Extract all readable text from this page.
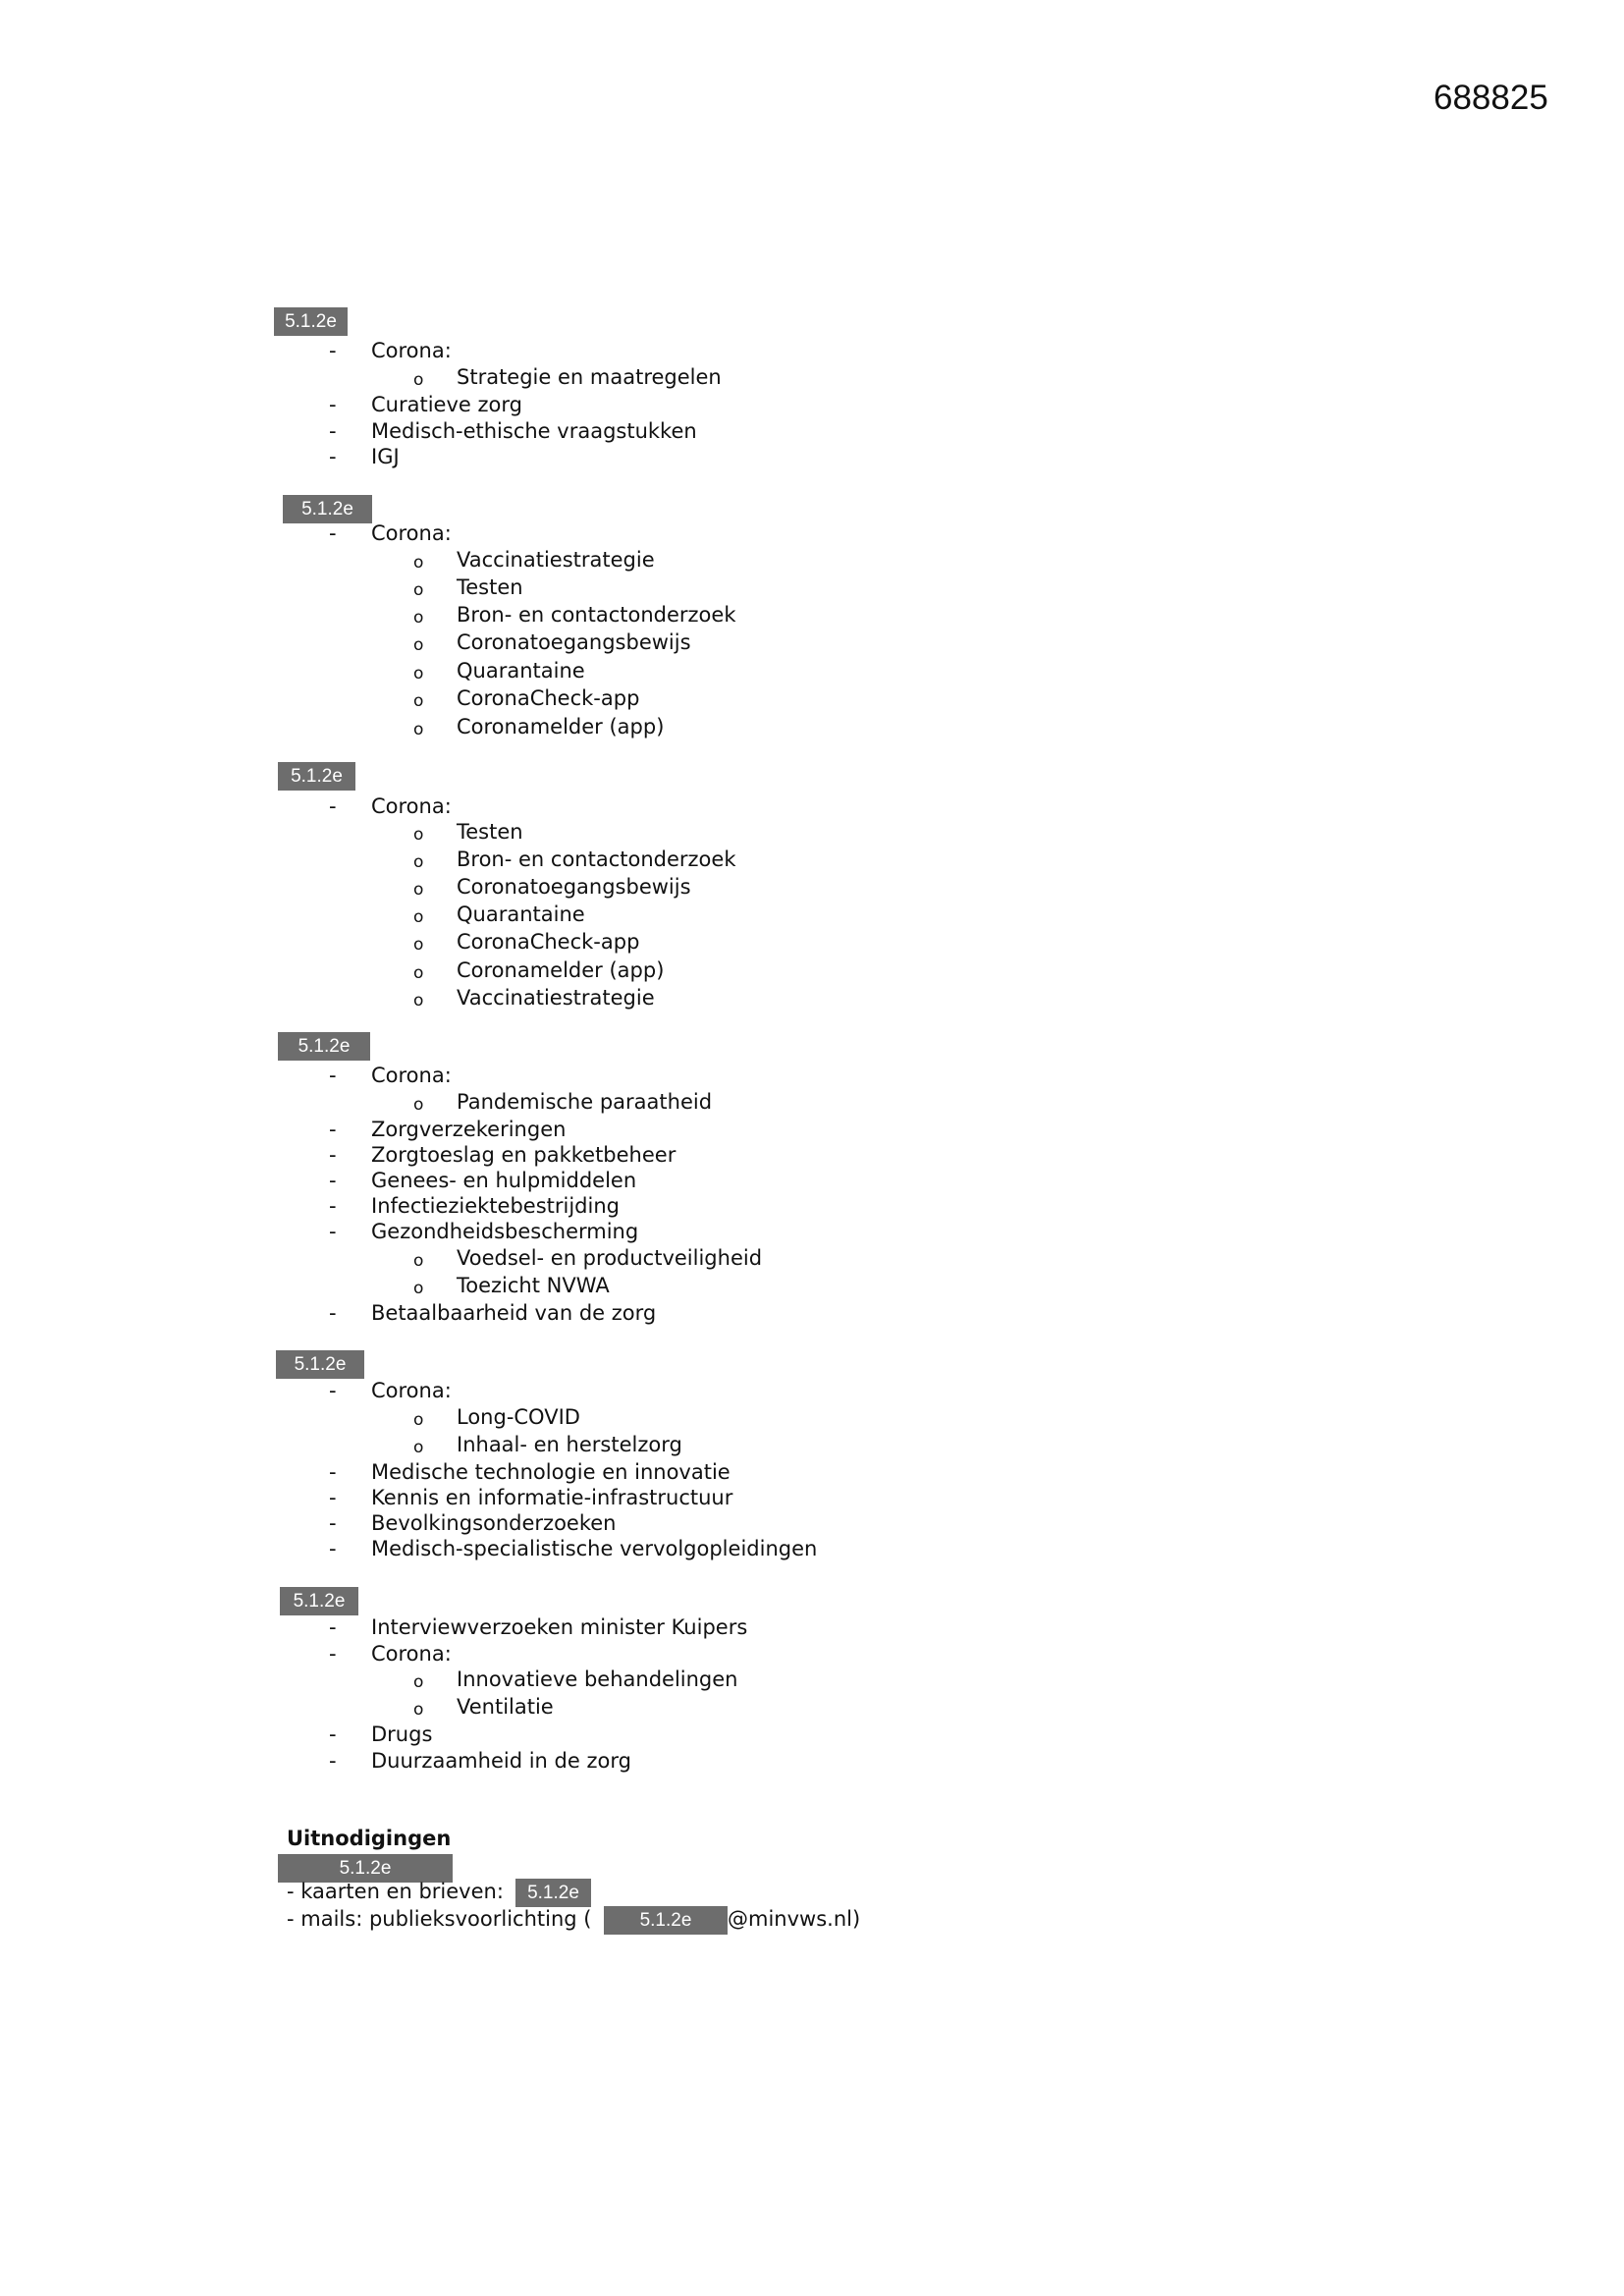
688825
5.1.2e
- Corona:
o Strategie en maatregelen
- Curatieve zorg
- Medisch-ethische vraagstukken
- IGJ
5.1.2e
- Corona:
o Vaccinatiestrategie
o Testen
o Bron- en contactonderzoek
o Coronatoegangsbewijs
o Quarantaine
o CoronaCheck-app
o Coronamelder (app)
5.1.2e
- Corona:
o Testen
o Bron- en contactonderzoek
o Coronatoegangsbewijs
o Quarantaine
o CoronaCheck-app
o Coronamelder (app)
o Vaccinatiestrategie
5.1.2e
- Corona:
o Pandemische paraatheid
- Zorgverzekeringen
- Zorgtoeslag en pakketbeheer
- Genees- en hulpmiddelen
- Infectieziektebestrijding
- Gezondheidsbescherming
o Voedsel- en productveiligheid
o Toezicht NVWA
- Betaalbaarheid van de zorg
5.1.2e
- Corona:
o Long-COVID
o Inhaal- en herstelzorg
- Medische technologie en innovatie
- Kennis en informatie-infrastructuur
- Bevolkingsonderzoeken
- Medisch-specialistische vervolgopleidingen
5.1.2e
- Interviewverzoeken minister Kuipers
- Corona:
o Innovatieve behandelingen
o Ventilatie
- Drugs
- Duurzaamheid in de zorg
Uitnodigingen
5.1.2e
- kaarten en brieven:	5.1.2e
- mails: publieksvoorlichting (	5.1.2e	@minvws.nl)
